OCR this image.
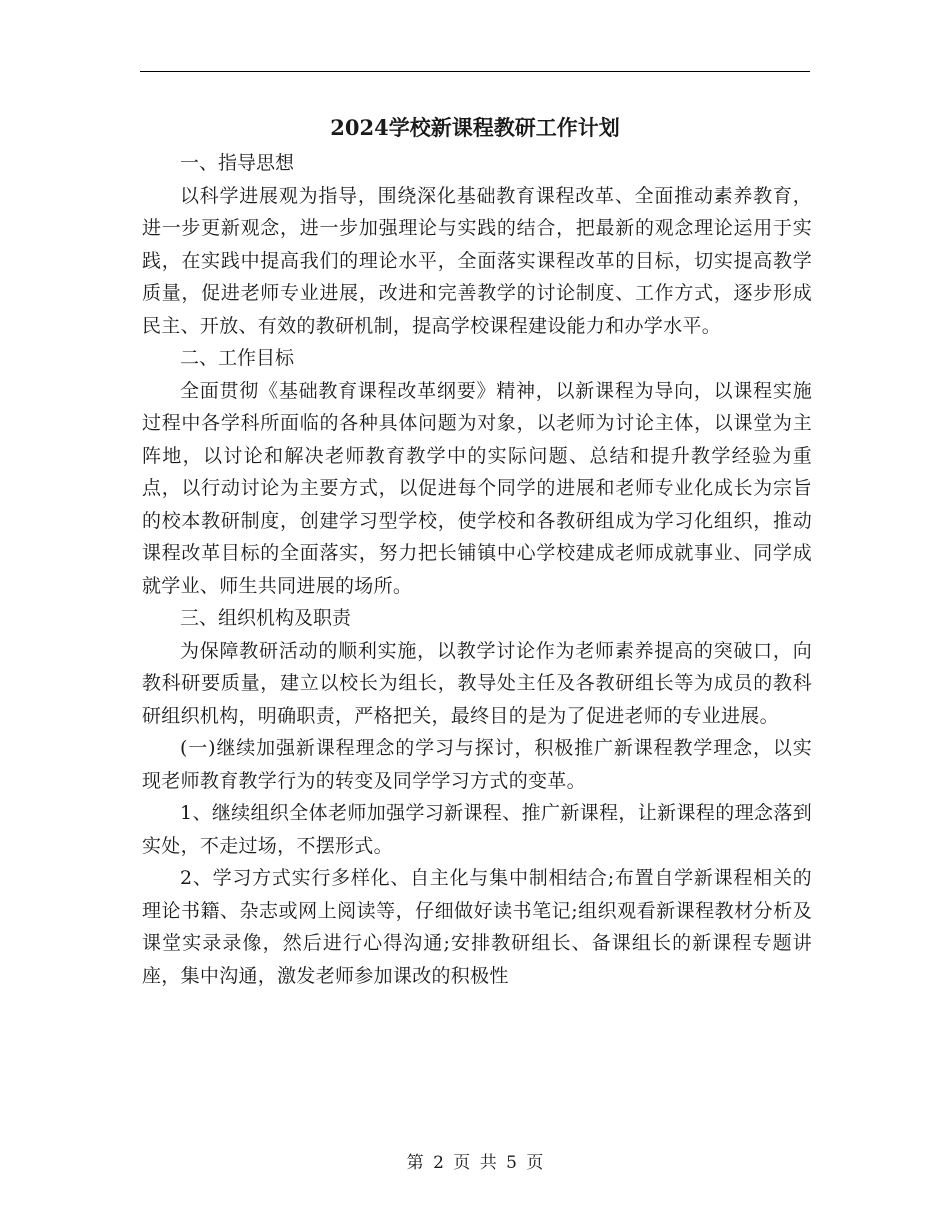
2024学校新课程教研工作计划

一、指导思想

以科学进展观为指导，围绕深化基础教育课程改革、全面推动素养教育，进一步更新观念，进一步加强理论与实践的结合，把最新的观念理论运用于实践，在实践中提高我们的理论水平，全面落实课程改革的目标，切实提高教学质量，促进老师专业进展，改进和完善教学的讨论制度、工作方式，逐步形成民主、开放、有效的教研机制，提高学校课程建设能力和办学水平。

二、工作目标

全面贯彻《基础教育课程改革纲要》精神，以新课程为导向，以课程实施过程中各学科所面临的各种具体问题为对象，以老师为讨论主体，以课堂为主阵地，以讨论和解决老师教育教学中的实际问题、总结和提升教学经验为重点，以行动讨论为主要方式，以促进每个同学的进展和老师专业化成长为宗旨的校本教研制度，创建学习型学校，使学校和各教研组成为学习化组织，推动课程改革目标的全面落实，努力把长铺镇中心学校建成老师成就事业、同学成就学业、师生共同进展的场所。

三、组织机构及职责

为保障教研活动的顺利实施，以教学讨论作为老师素养提高的突破口，向教科研要质量，建立以校长为组长，教导处主任及各教研组长等为成员的教科研组织机构，明确职责，严格把关，最终目的是为了促进老师的专业进展。

(一)继续加强新课程理念的学习与探讨，积极推广新课程教学理念，以实现老师教育教学行为的转变及同学学习方式的变革。

1、继续组织全体老师加强学习新课程、推广新课程，让新课程的理念落到实处，不走过场，不摆形式。

2、学习方式实行多样化、自主化与集中制相结合;布置自学新课程相关的理论书籍、杂志或网上阅读等，仔细做好读书笔记;组织观看新课程教材分析及课堂实录录像，然后进行心得沟通;安排教研组长、备课组长的新课程专题讲座，集中沟通，激发老师参加课改的积极性

第 2 页 共 5 页
